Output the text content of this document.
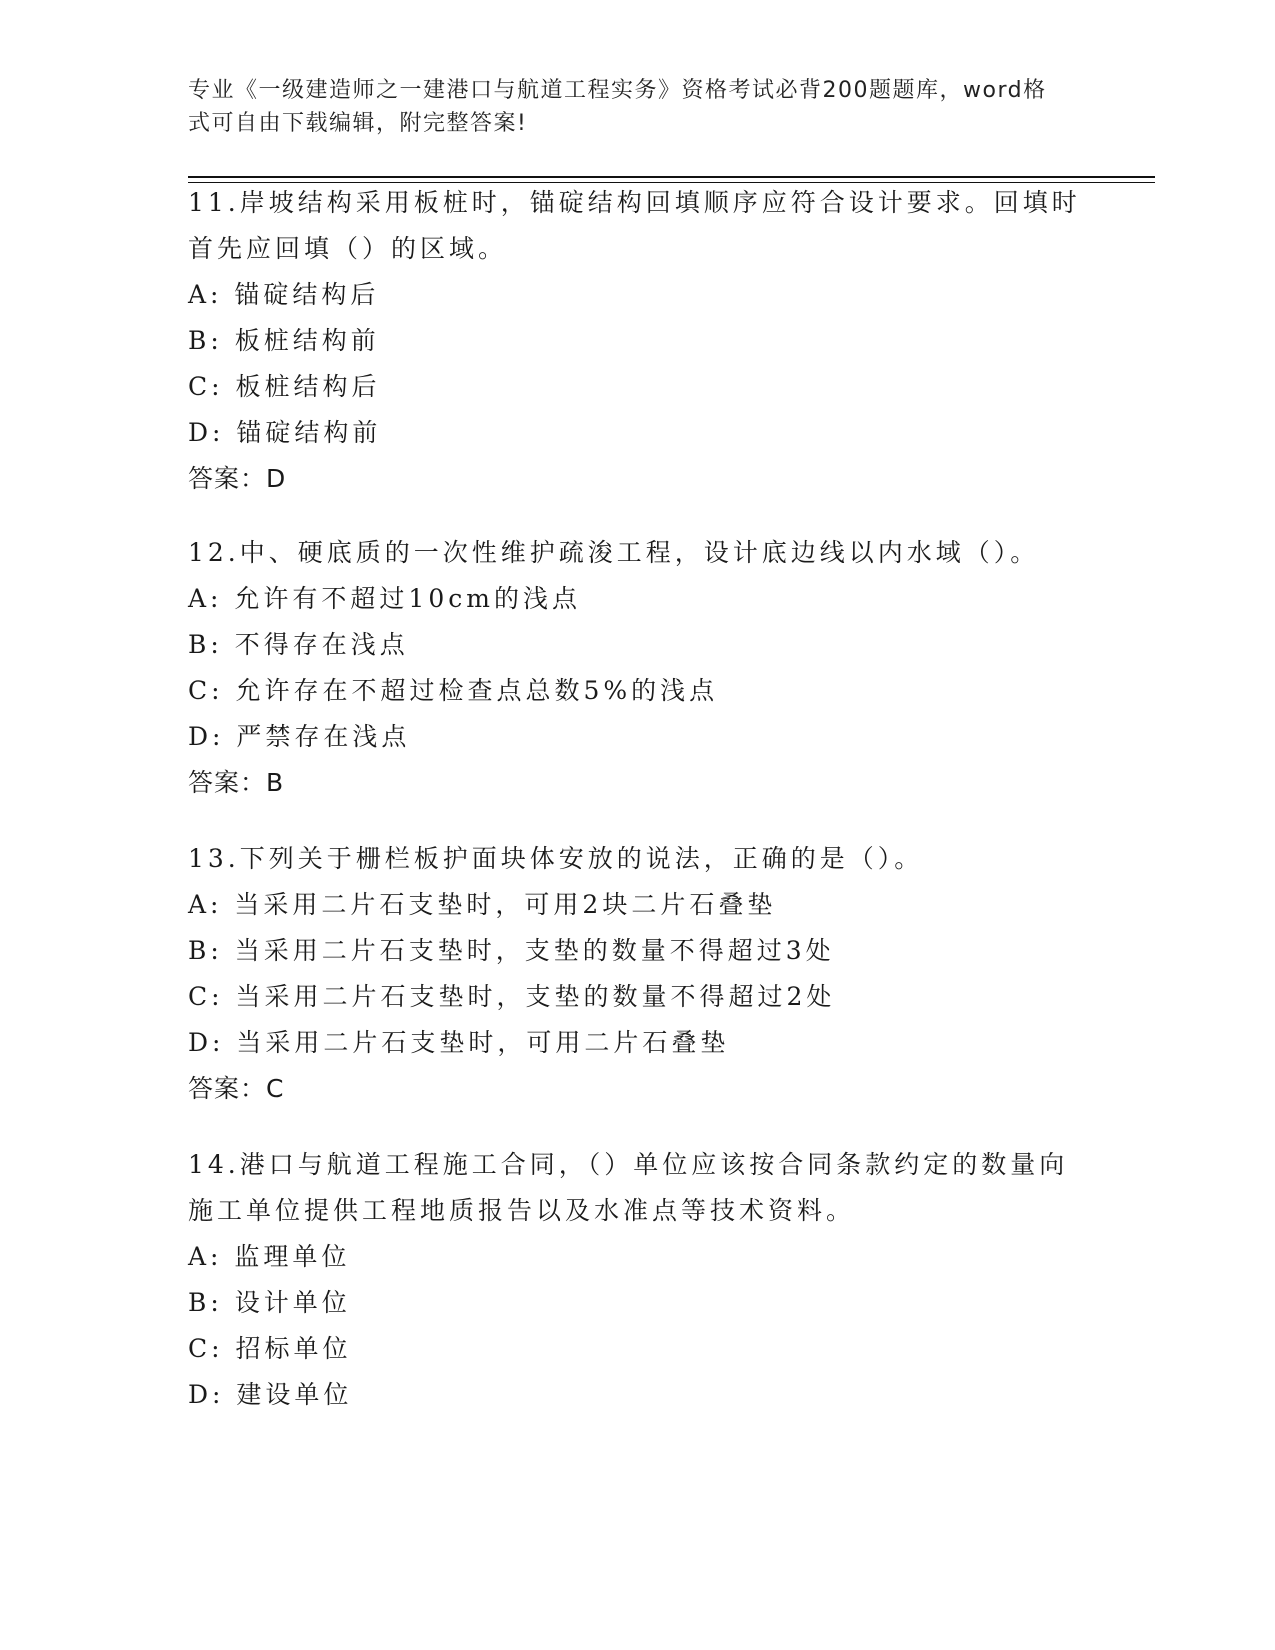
专业《一级建造师之一建港口与航道工程实务》资格考试必背200题题库，word格式可自由下载编辑，附完整答案!
11.岸坡结构采用板桩时，锚碇结构回填顺序应符合设计要求。回填时首先应回填（）的区域。
A: 锚碇结构后
B: 板桩结构前
C: 板桩结构后
D: 锚碇结构前
答案：D
12.中、硬底质的一次性维护疏浚工程，设计底边线以内水域（）。
A: 允许有不超过10cm的浅点
B: 不得存在浅点
C: 允许存在不超过检查点总数5%的浅点
D: 严禁存在浅点
答案：B
13.下列关于栅栏板护面块体安放的说法，正确的是（）。
A: 当采用二片石支垫时，可用2块二片石叠垫
B: 当采用二片石支垫时，支垫的数量不得超过3处
C: 当采用二片石支垫时，支垫的数量不得超过2处
D: 当采用二片石支垫时，可用二片石叠垫
答案：C
14.港口与航道工程施工合同，（）单位应该按合同条款约定的数量向施工单位提供工程地质报告以及水准点等技术资料。
A: 监理单位
B: 设计单位
C: 招标单位
D: 建设单位
